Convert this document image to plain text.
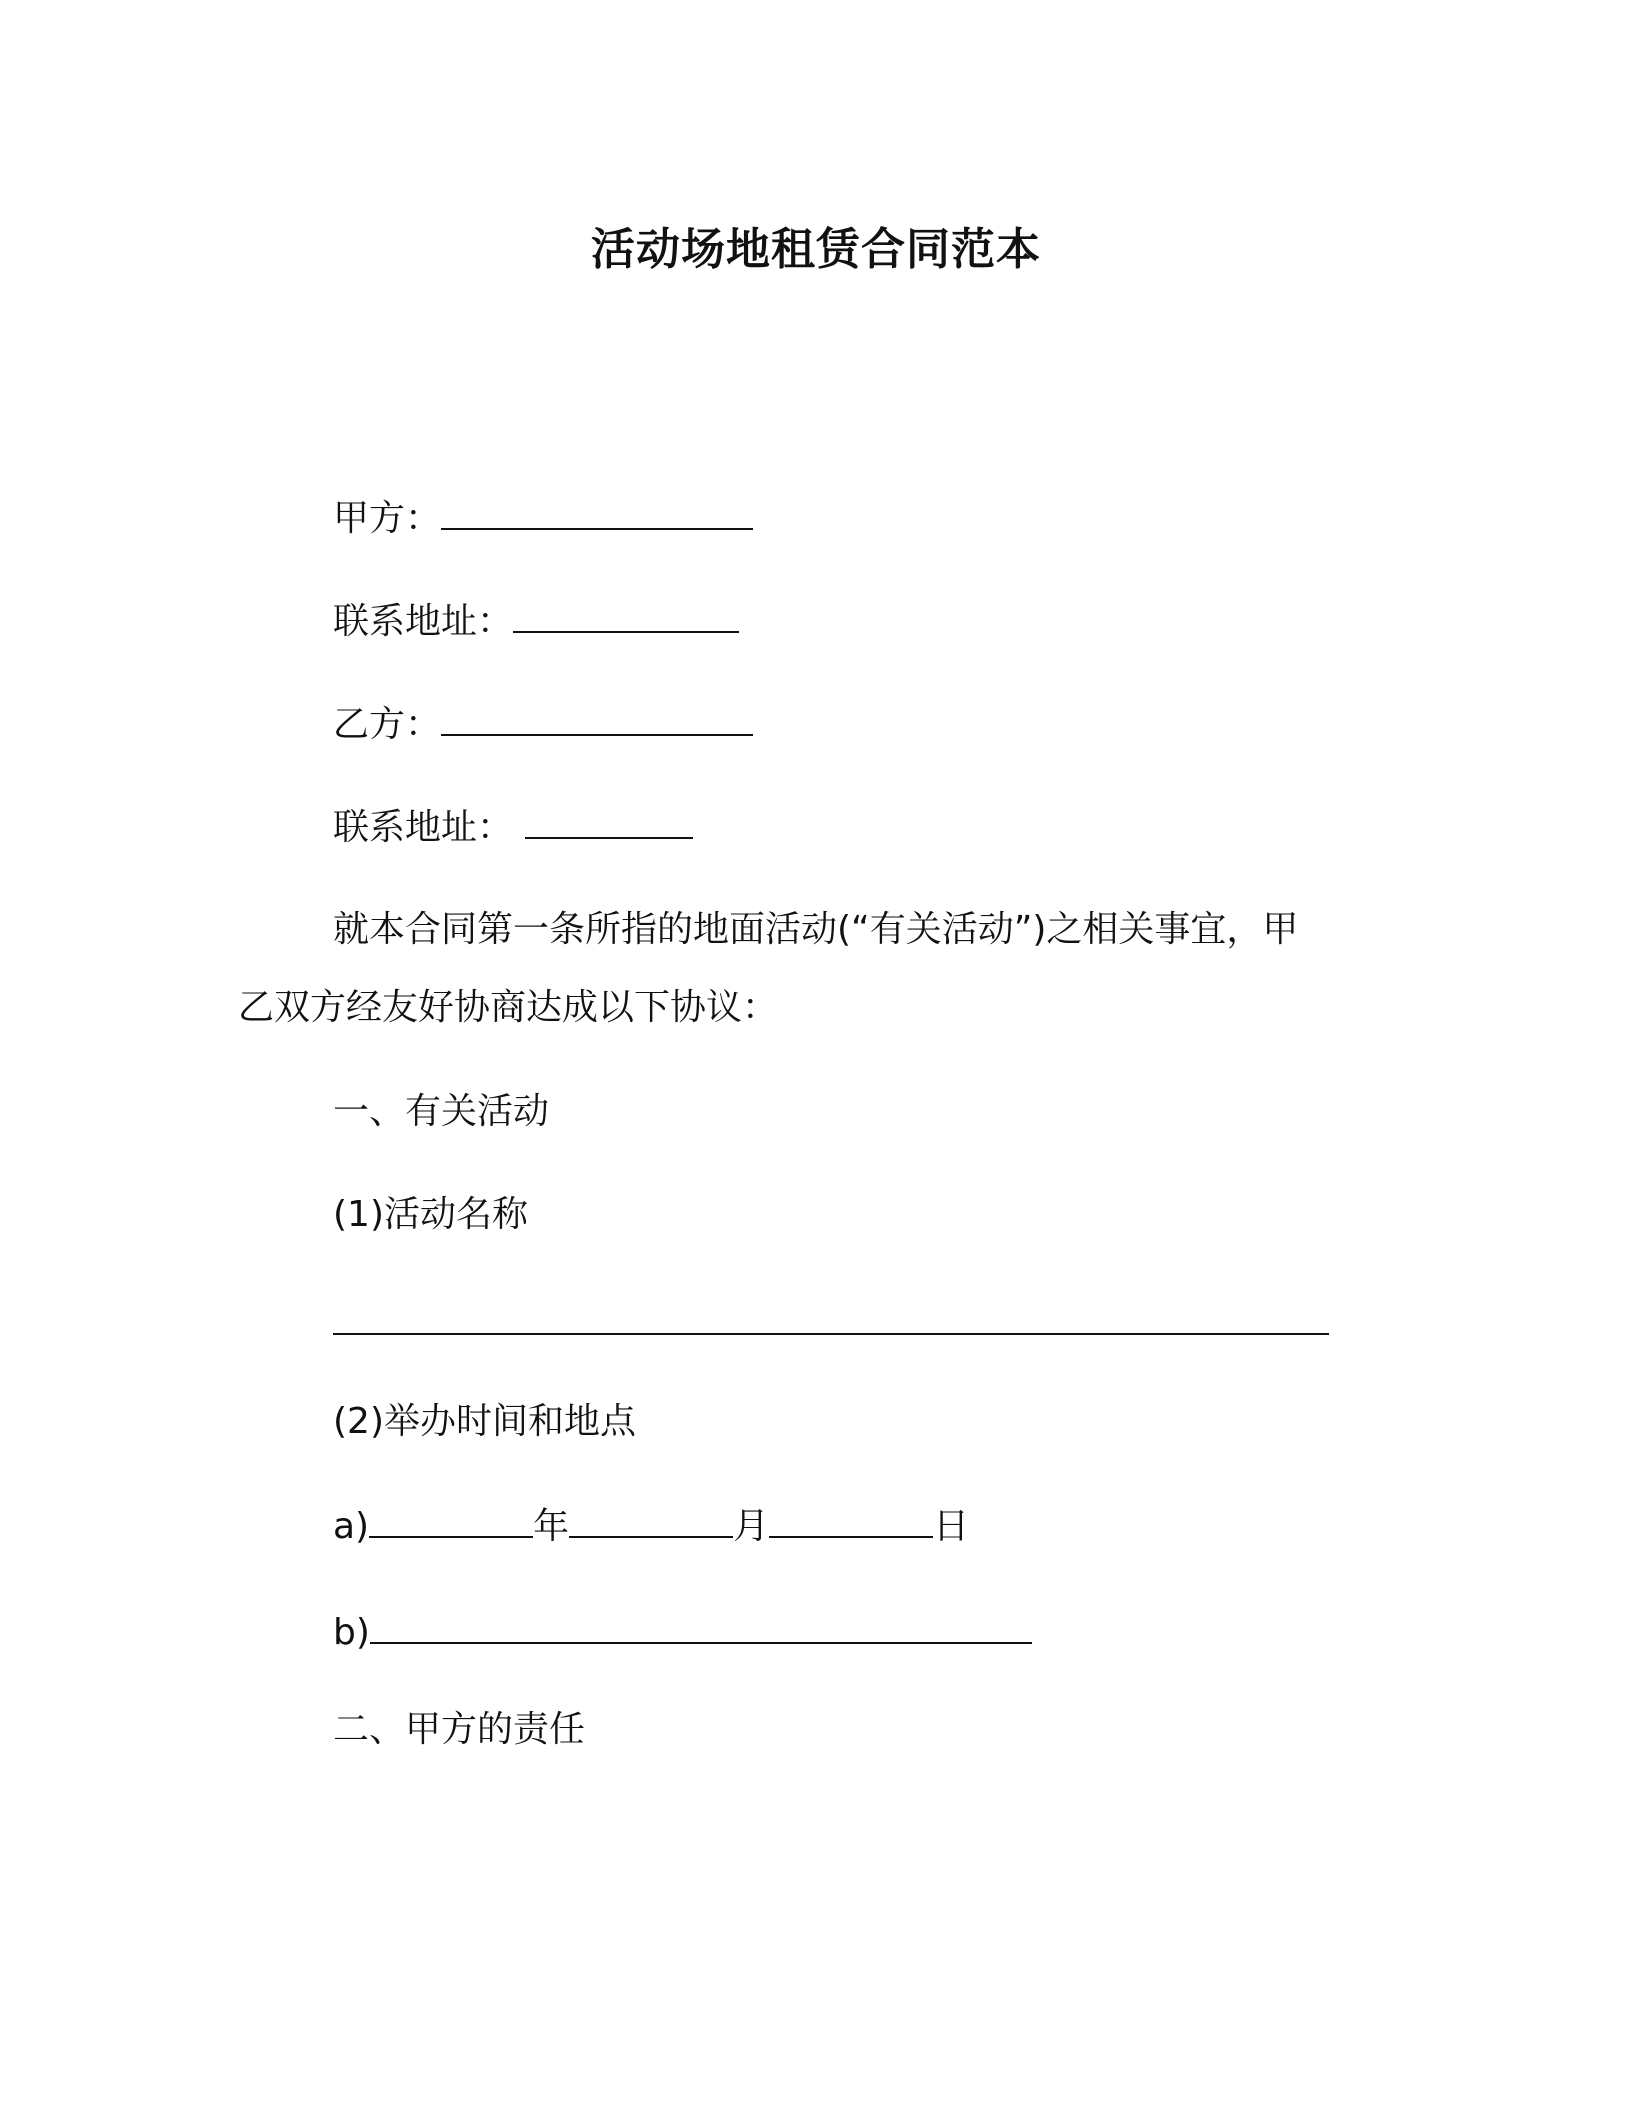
活动场地租赁合同范本
甲方：
联系地址：
乙方：
联系地址：
就本合同第一条所指的地面活动(“有关活动”)之相关事宜，甲
乙双方经友好协商达成以下协议：
一、有关活动
(1)活动名称
(2)举办时间和地点
a)	年	月	日
b)
二、甲方的责任
